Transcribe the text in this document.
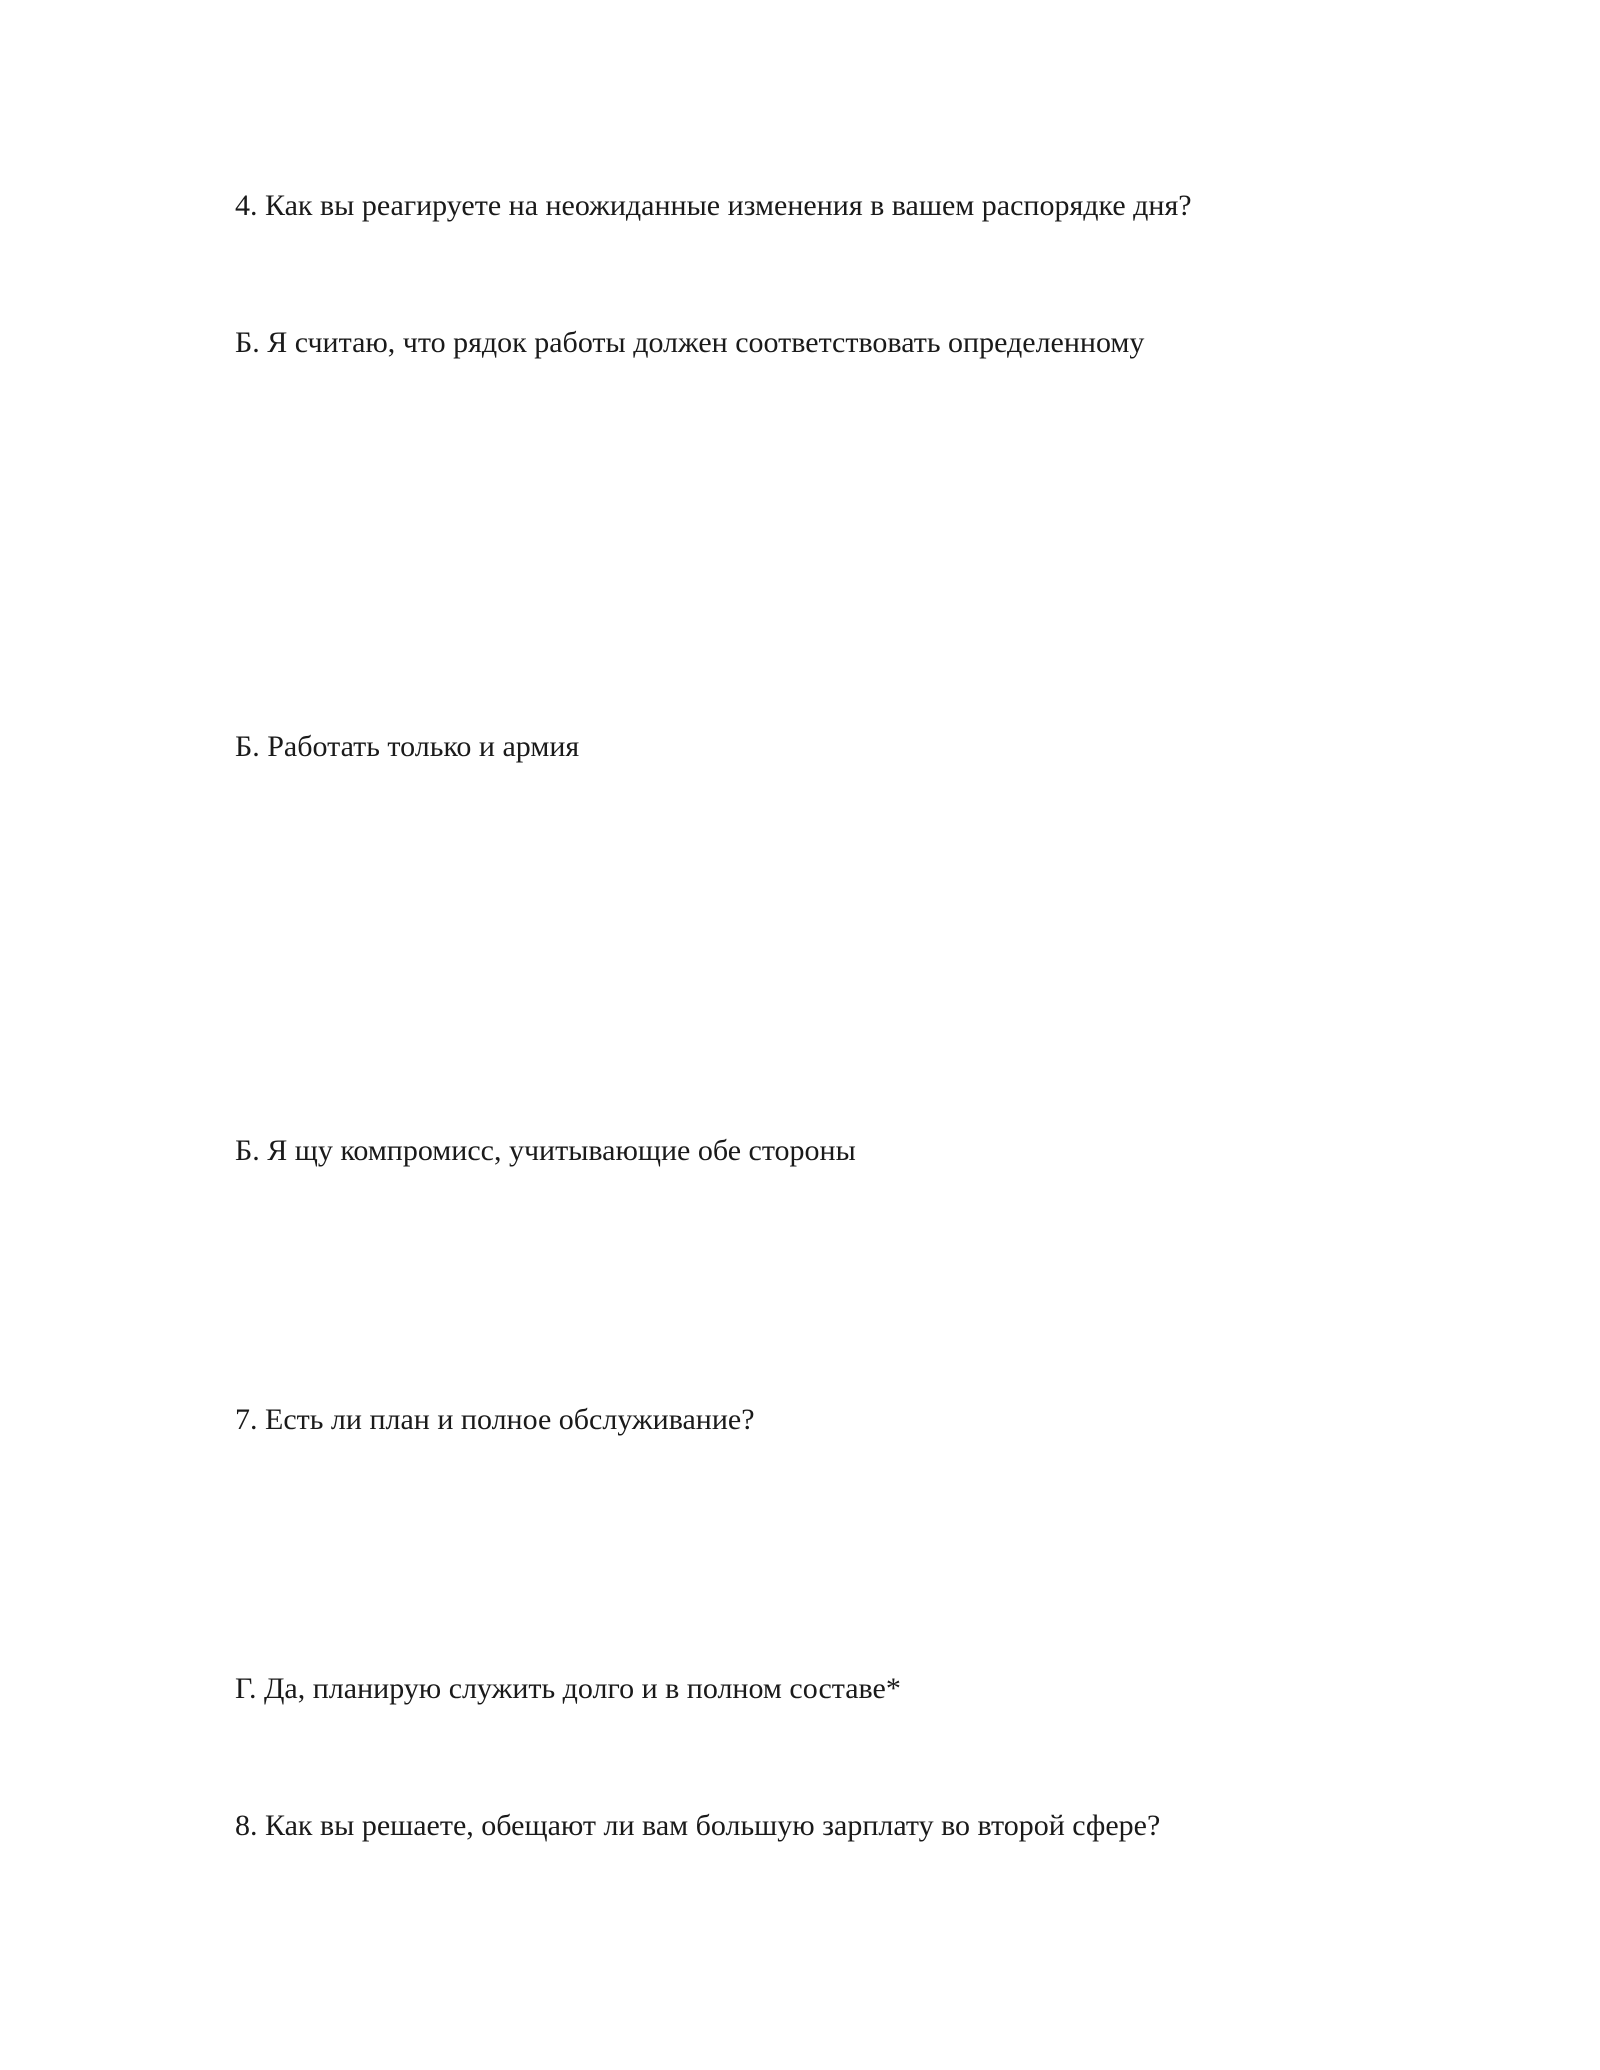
4. Как вы реагируете на неожиданные изменения в вашем распорядке дня?
Б. Я считаю, что рядок работы должен соответствовать определенному
Б. Работать только и армия
Б. Я щу компромисс, учитывающие обе стороны
7. Есть ли план и полное обслуживание?
Г. Да, планирую служить долго и в полном составе*
8. Как вы решаете, обещают ли вам большую зарплату во второй сфере?
